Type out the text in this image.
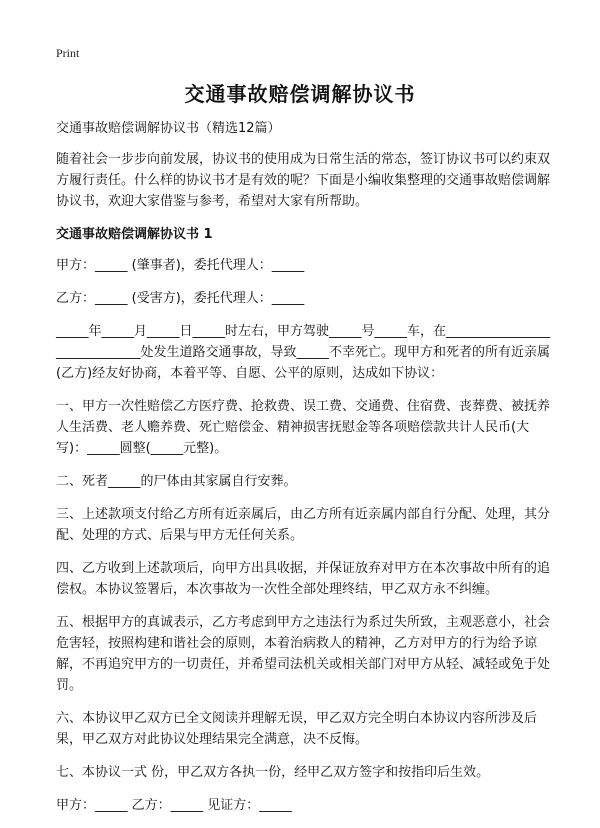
Print
交通事故赔偿调解协议书

交通事故赔偿调解协议书（精选12篇）

随着社会一步步向前发展，协议书的使用成为日常生活的常态，签订协议书可以约束双方履行责任。什么样的协议书才是有效的呢？下面是小编收集整理的交通事故赔偿调解协议书，欢迎大家借鉴与参考，希望对大家有所帮助。

交通事故赔偿调解协议书 1

甲方：_____ (肇事者)，委托代理人：_____

乙方：_____ (受害方)，委托代理人：_____

_____年_____月_____日_____时左右，甲方驾驶_____号_____车，在_____________________________处发生道路交通事故，导致_____不幸死亡。现甲方和死者的所有近亲属(乙方)经友好协商，本着平等、自愿、公平的原则，达成如下协议：

一、甲方一次性赔偿乙方医疗费、抢救费、误工费、交通费、住宿费、丧葬费、被抚养人生活费、老人赡养费、死亡赔偿金、精神损害抚慰金等各项赔偿款共计人民币(大写)：_____圆整(_____元整)。

二、死者_____的尸体由其家属自行安葬。

三、上述款项支付给乙方所有近亲属后，由乙方所有近亲属内部自行分配、处理，其分配、处理的方式、后果与甲方无任何关系。

四、乙方收到上述款项后，向甲方出具收据，并保证放弃对甲方在本次事故中所有的追偿权。本协议签署后，本次事故为一次性全部处理终结，甲乙双方永不纠缠。

五、根据甲方的真诚表示，乙方考虑到甲方之违法行为系过失所致，主观恶意小，社会危害轻，按照构建和谐社会的原则，本着治病救人的精神，乙方对甲方的行为给予谅解，不再追究甲方的一切责任，并希望司法机关或相关部门对甲方从轻、减轻或免于处罚。

六、本协议甲乙双方已全文阅读并理解无误，甲乙双方完全明白本协议内容所涉及后果，甲乙双方对此协议处理结果完全满意，决不反悔。

七、本协议一式 份，甲乙双方各执一份，经甲乙双方签字和按指印后生效。

甲方：_____ 乙方：_____ 见证方：_____
